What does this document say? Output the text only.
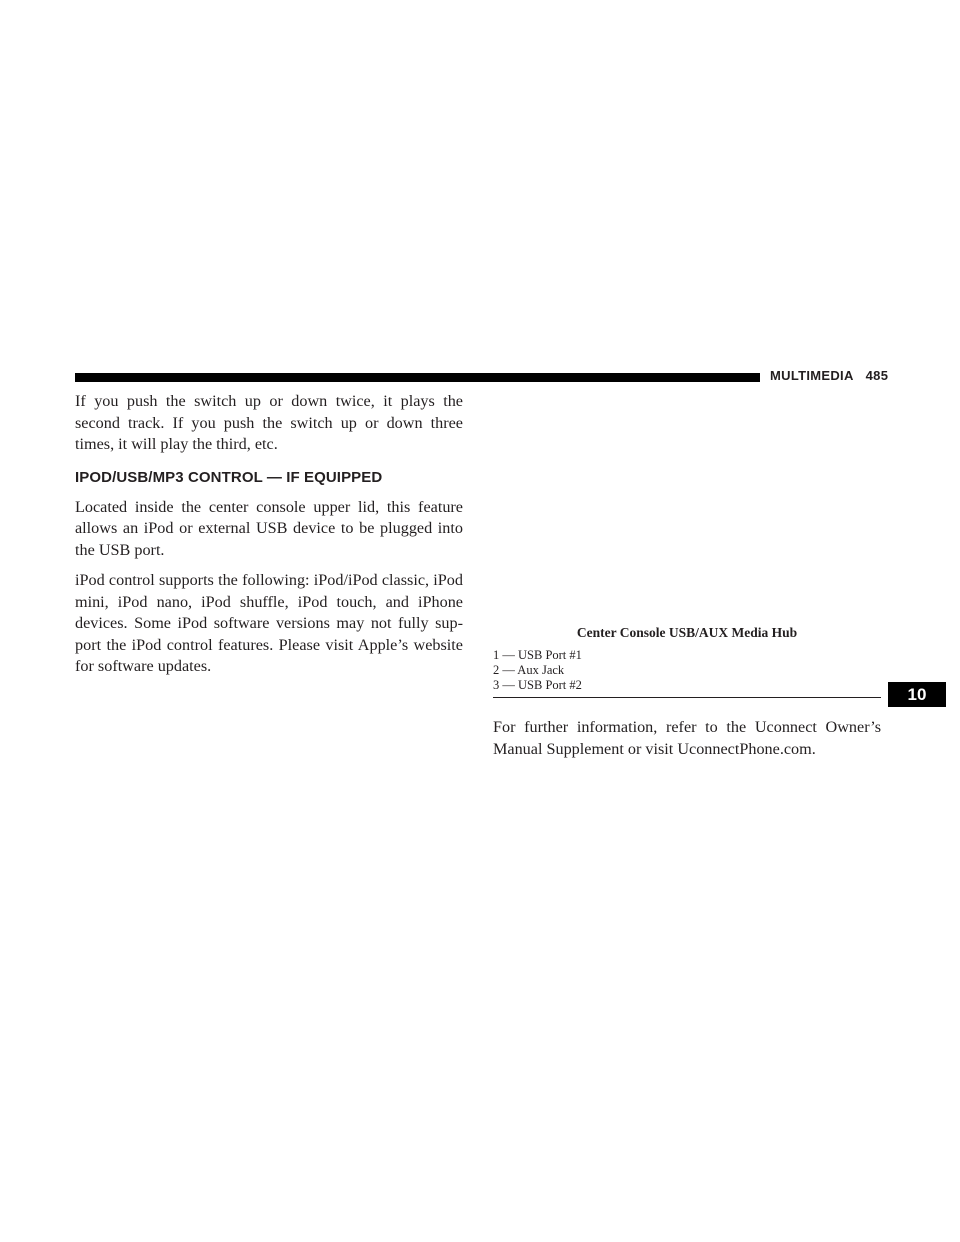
MULTIMEDIA 485

If you push the switch up or down twice, it plays the second track. If you push the switch up or down three times, it will play the third, etc.

IPOD/USB/MP3 CONTROL — IF EQUIPPED

Located inside the center console upper lid, this feature allows an iPod or external USB device to be plugged into the USB port.

iPod control supports the following: iPod/iPod classic, iPod mini, iPod nano, iPod shuffle, iPod touch, and iPhone devices. Some iPod software versions may not fully sup-port the iPod control features. Please visit Apple’s website for software updates.

Center Console USB/AUX Media Hub
1 — USB Port #1
2 — Aux Jack
3 — USB Port #2

For further information, refer to the Uconnect Owner’s Manual Supplement or visit UconnectPhone.com.

10
